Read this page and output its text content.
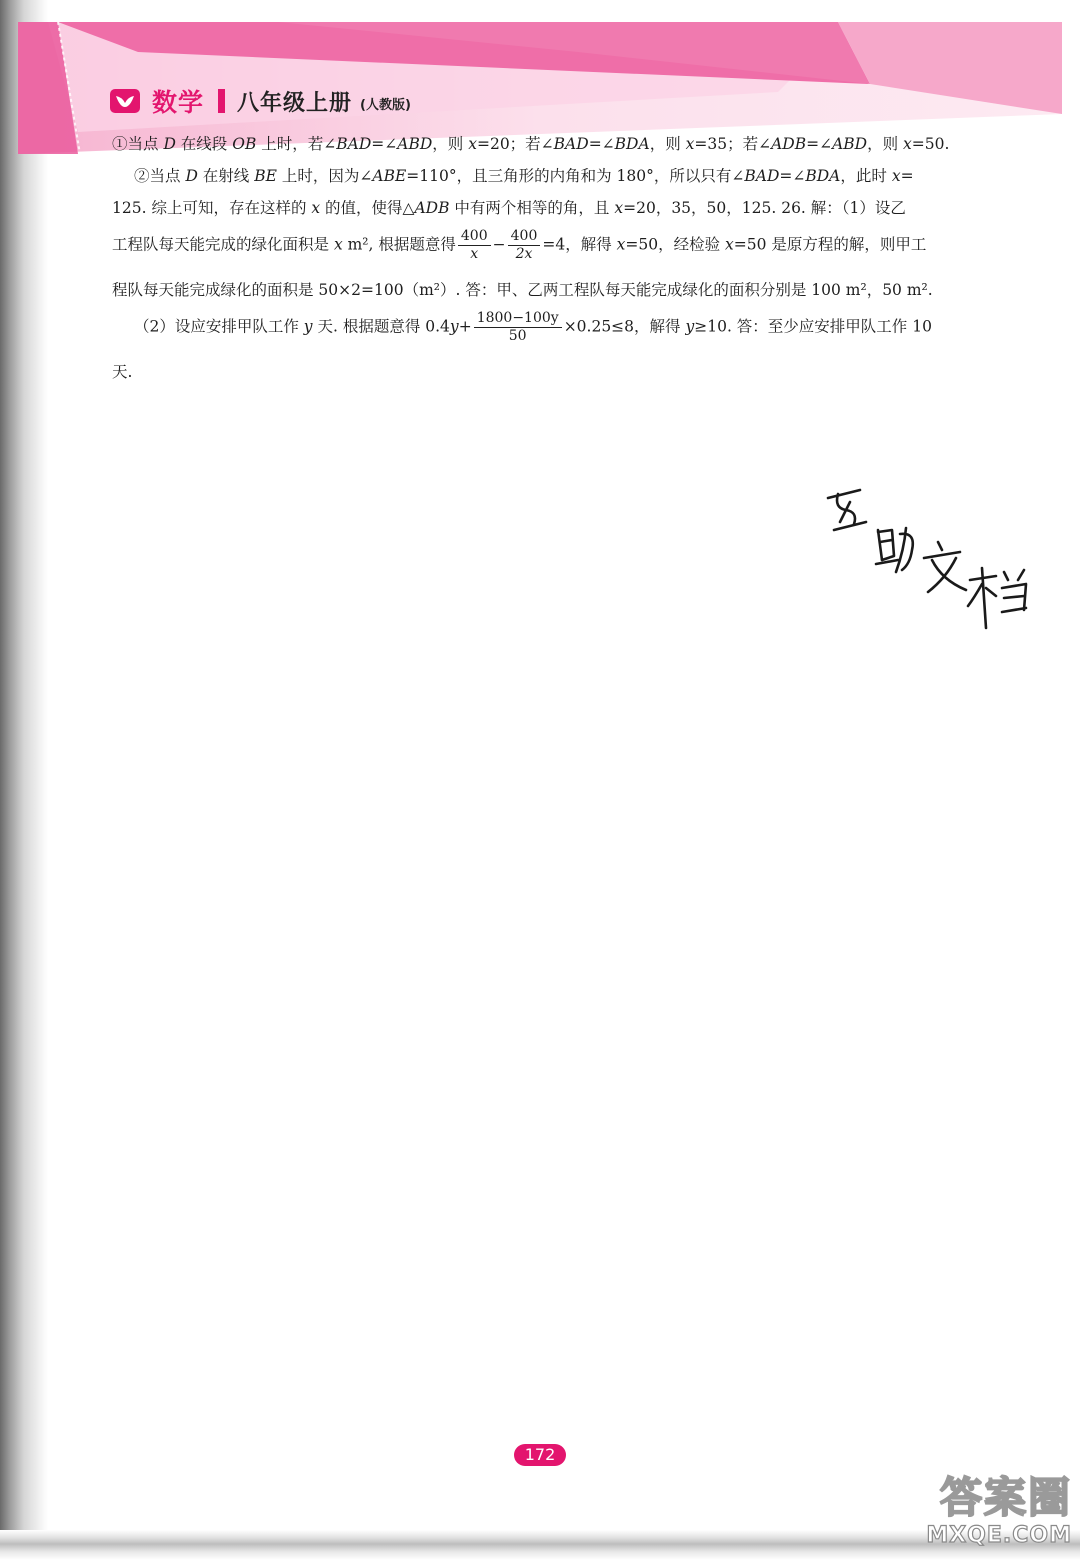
数学 八年级上册 (人教版)
①当点 D 在线段 OB 上时，若∠BAD=∠ABD，则 x=20；若∠BAD=∠BDA，则 x=35；若∠ADB=∠ABD，则 x=50.
②当点 D 在射线 BE 上时，因为∠ABE=110°，且三角形的内角和为 180°，所以只有∠BAD=∠BDA，此时 x=
125. 综上可知，存在这样的 x 的值，使得△ADB 中有两个相等的角，且 x=20，35，50，125. 26. 解：（1）设乙
工程队每天能完成的绿化面积是 x m², 根据题意得 $\frac{400}{x} - \frac{400}{2x} =4$，解得 x=50，经检验 x=50 是原方程的解，则甲工
程队每天能完成绿化的面积是 50×2=100（m²）. 答：甲、乙两工程队每天能完成绿化的面积分别是 100 m²，50 m².
（2）设应安排甲队工作 y 天. 根据题意得 $0.4y+ \frac{1800-100y}{50} \times 0.25\le 8$，解得 y≥10. 答：至少应安排甲队工作 10
天.
172
答案圈
MXQE.COM
